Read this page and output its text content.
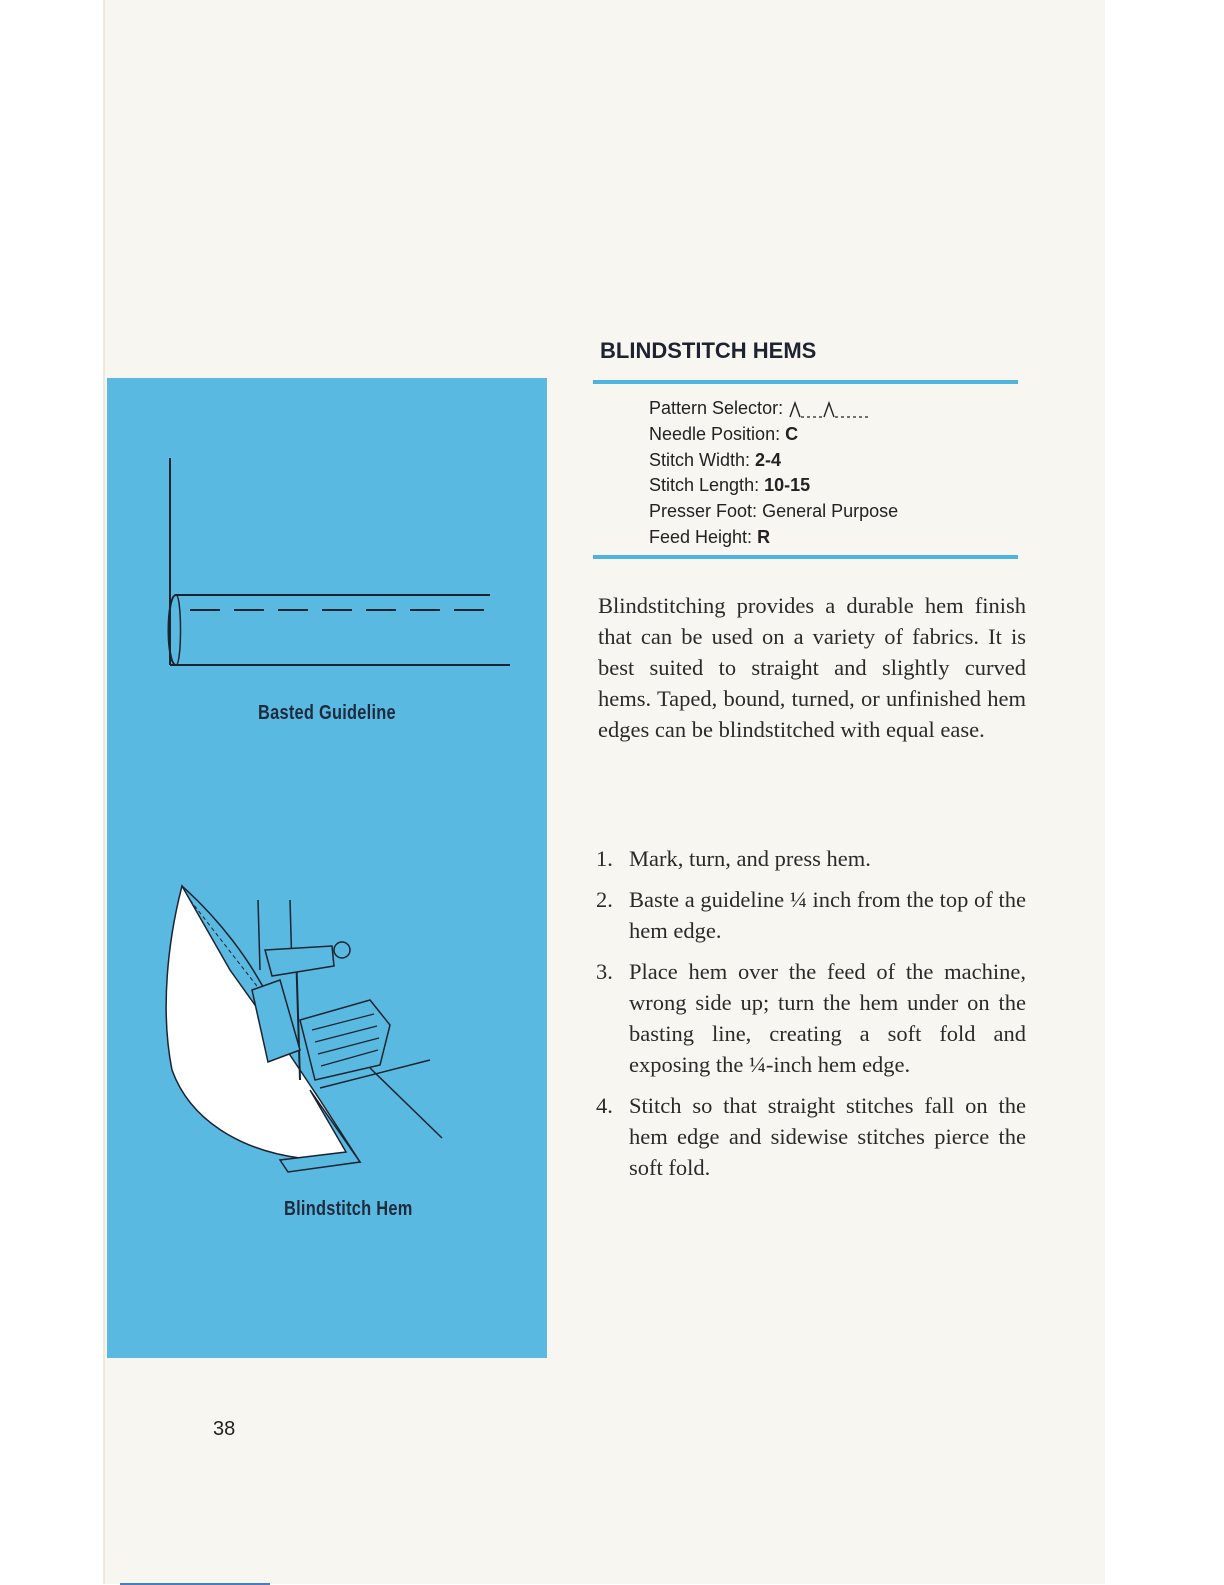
Basted Guideline
Blindstitch Hem
BLINDSTITCH HEMS
Pattern Selector:
Needle Position: C
Stitch Width: 2-4
Stitch Length: 10-15
Presser Foot: General Purpose
Feed Height: R
Blindstitching provides a durable hem finish that can be used on a variety of fabrics. It is best suited to straight and slightly curved hems. Taped, bound, turned, or unfinished hem edges can be blindstitched with equal ease.
1. Mark, turn, and press hem.
2. Baste a guideline ¼ inch from the top of the hem edge.
3. Place hem over the feed of the machine, wrong side up; turn the hem under on the basting line, creating a soft fold and exposing the ¼-inch hem edge.
4. Stitch so that straight stitches fall on the hem edge and sidewise stitches pierce the soft fold.
38
